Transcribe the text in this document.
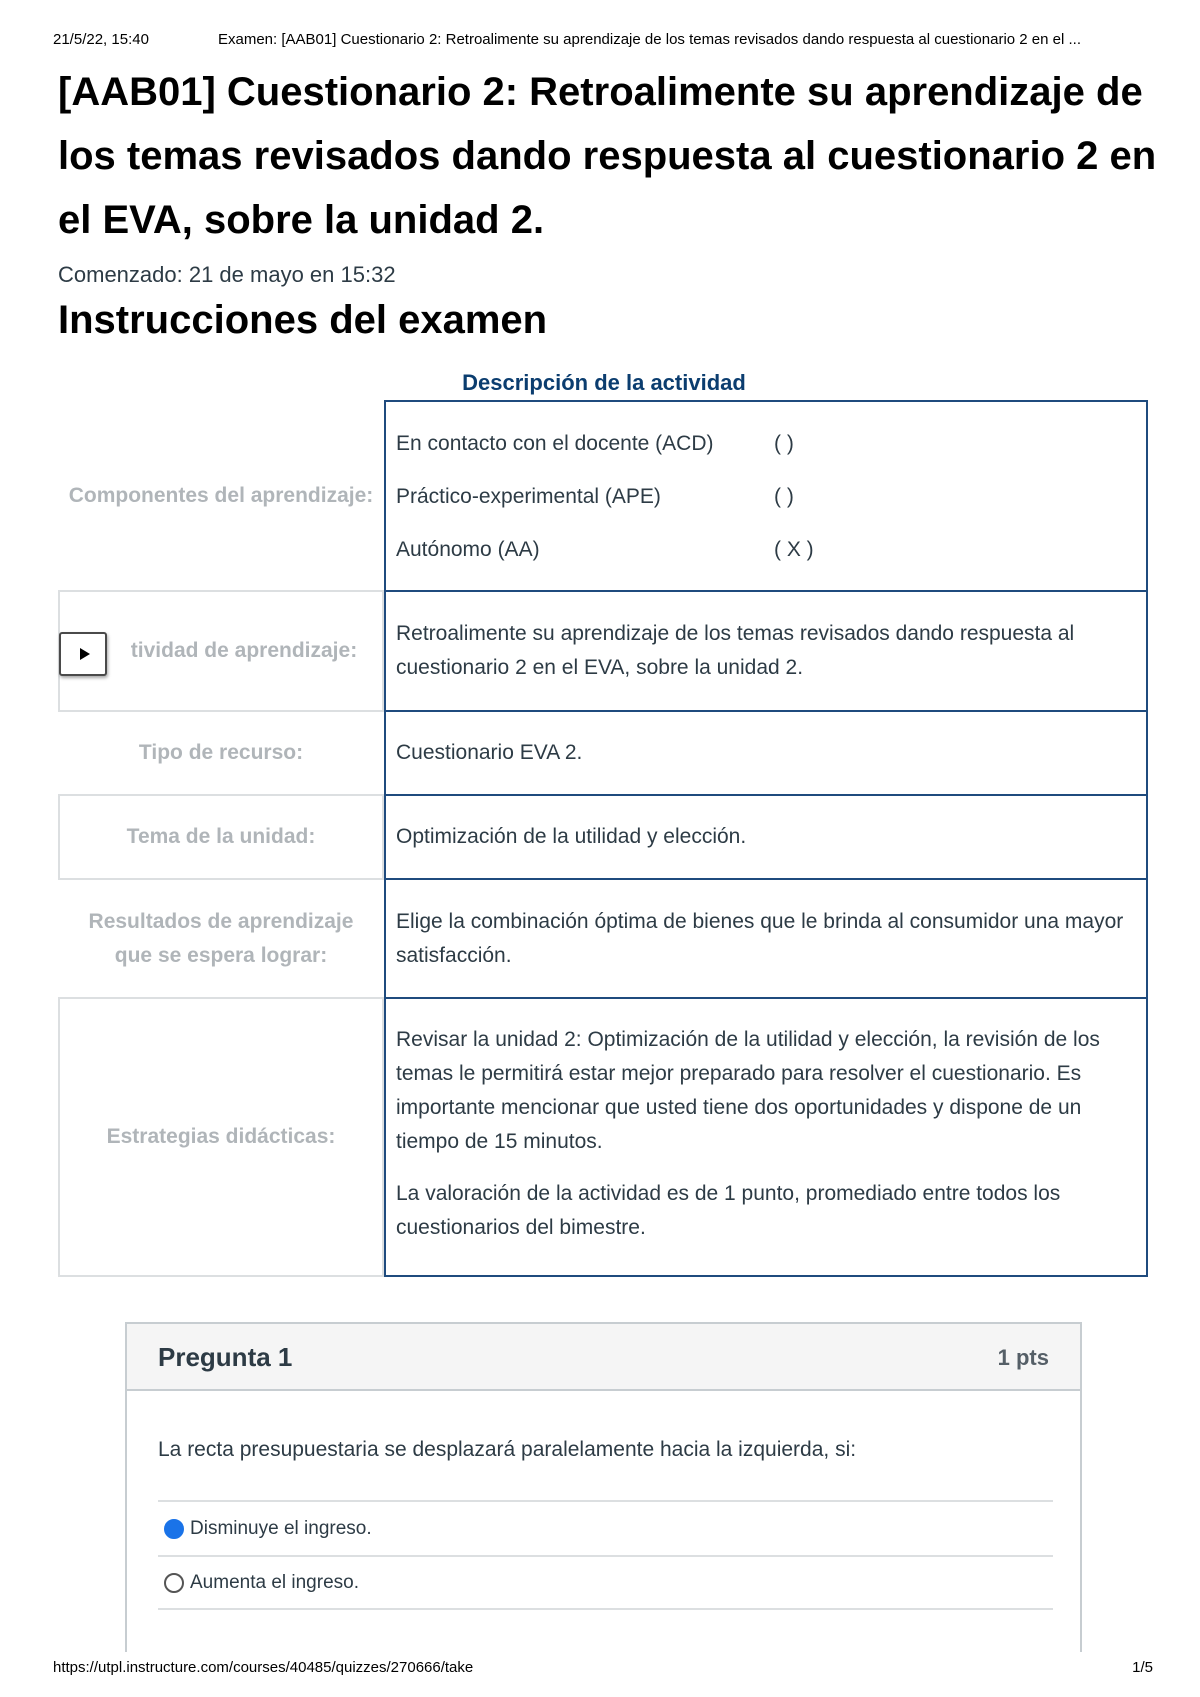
21/5/22, 15:40	Examen: [AAB01] Cuestionario 2: Retroalimente su aprendizaje de los temas revisados dando respuesta al cuestionario 2 en el ...
[AAB01] Cuestionario 2: Retroalimente su aprendizaje de los temas revisados dando respuesta al cuestionario 2 en el EVA, sobre la unidad 2.

Comenzado: 21 de mayo en 15:32

Instrucciones del examen
Descripción de la actividad
Componentes del aprendizaje:
En contacto con el docente (ACD)	( )
Práctico-experimental (APE)	( )
Autónomo (AA)	( X )
tividad de aprendizaje:
Retroalimente su aprendizaje de los temas revisados dando respuesta al cuestionario 2 en el EVA, sobre la unidad 2.
Tipo de recurso:	Cuestionario EVA 2.
Tema de la unidad:	Optimización de la utilidad y elección.
Resultados de aprendizaje que se espera lograr:
Elige la combinación óptima de bienes que le brinda al consumidor una mayor satisfacción.
Estrategias didácticas:

Revisar la unidad 2: Optimización de la utilidad y elección, la revisión de los temas le permitirá estar mejor preparado para resolver el cuestionario. Es importante mencionar que usted tiene dos oportunidades y dispone de un tiempo de 15 minutos.

La valoración de la actividad es de 1 punto, promediado entre todos los cuestionarios del bimestre.

Pregunta 1	1 pts
La recta presupuestaria se desplazará paralelamente hacia la izquierda, si:
Disminuye el ingreso.
Aumenta el ingreso.
https://utpl.instructure.com/courses/40485/quizzes/270666/take	1/5
